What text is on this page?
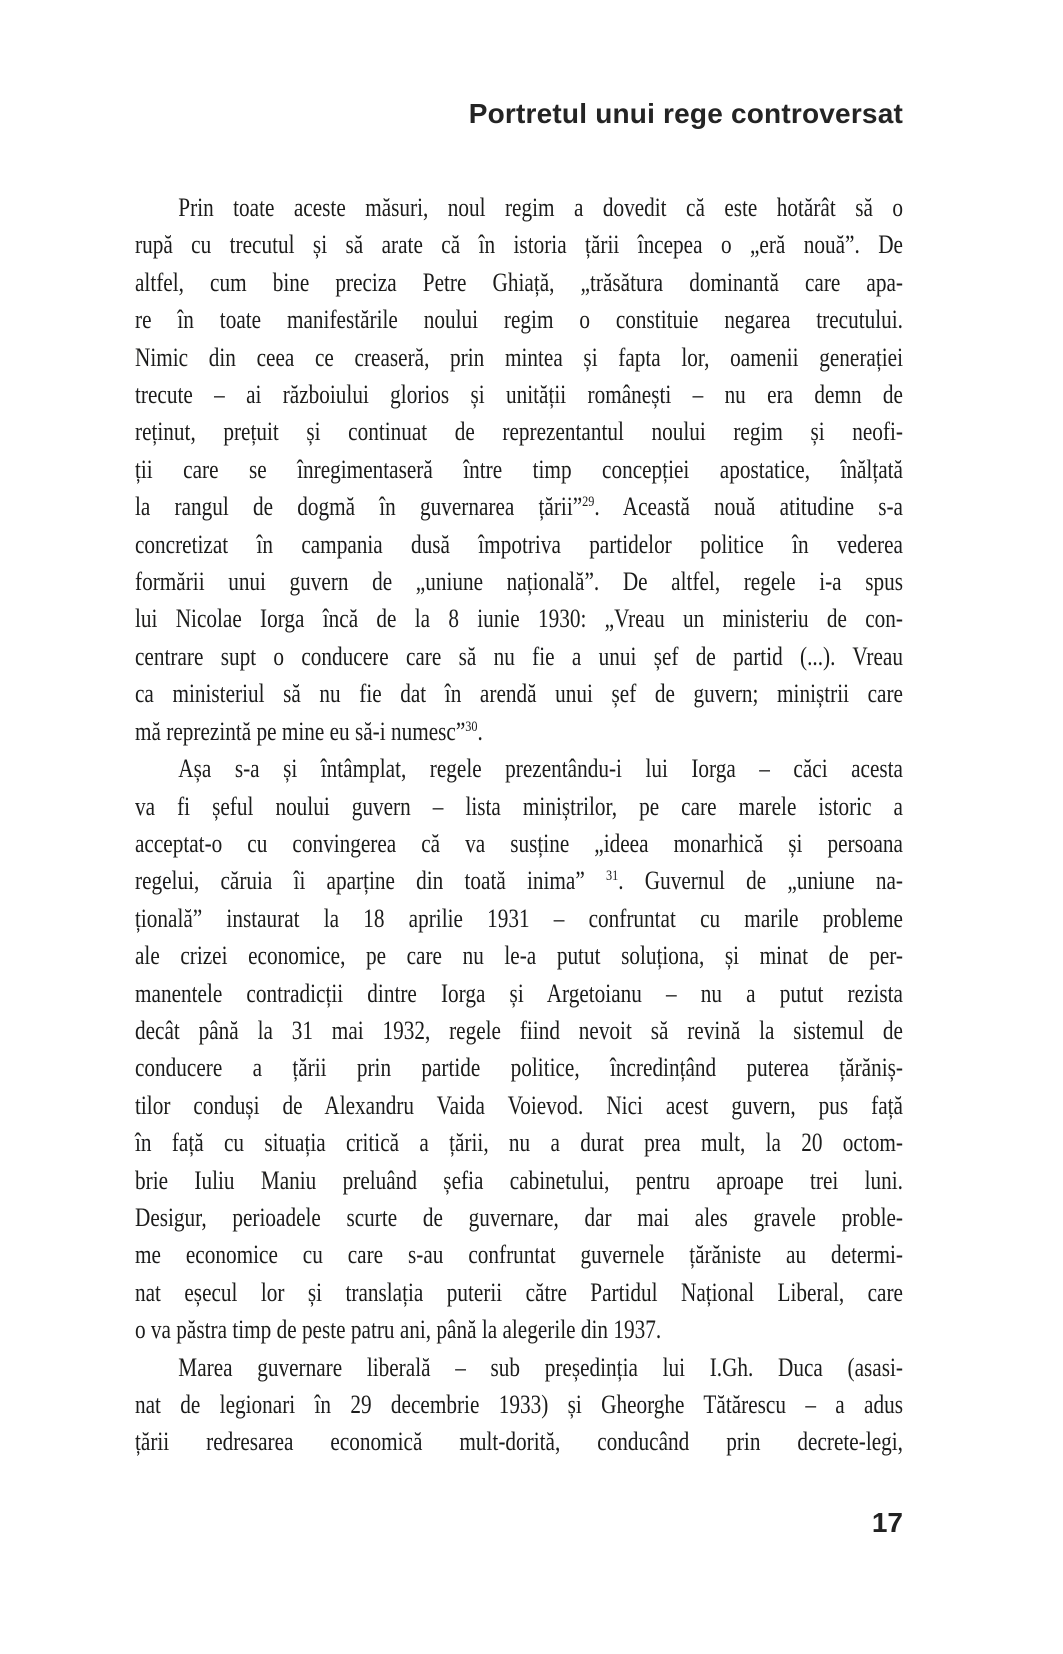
Portretul unui rege controversat
Prin toate aceste măsuri, noul regim a dovedit că este hotărât să o
rupă cu trecutul și să arate că în istoria țării începea o „eră nouă”. De
altfel, cum bine preciza Petre Ghiață, „trăsătura dominantă care apa-
re în toate manifestările noului regim o constituie negarea trecutului.
Nimic din ceea ce creaseră, prin mintea și fapta lor, oamenii generației
trecute – ai războiului glorios și unității românești – nu era demn de
reținut, prețuit și continuat de reprezentantul noului regim și neofi-
ții care se înregimentaseră între timp concepției apostatice, înălțată
la rangul de dogmă în guvernarea țării”$^{29}$. Această nouă atitudine s-a
concretizat în campania dusă împotriva partidelor politice în vederea
formării unui guvern de „uniune națională”. De altfel, regele i-a spus
lui Nicolae Iorga încă de la 8 iunie 1930: „Vreau un ministeriu de con-
centrare supt o conducere care să nu fie a unui șef de partid (...). Vreau
ca ministeriul să nu fie dat în arendă unui șef de guvern; miniștrii care
mă reprezintă pe mine eu să-i numesc”$^{30}$.
Așa s-a și întâmplat, regele prezentându-i lui Iorga – căci acesta
va fi șeful noului guvern – lista miniștrilor, pe care marele istoric a
acceptat-o cu convingerea că va susține „ideea monarhică și persoana
regelui, căruia îi aparține din toată inima” $^{31}$. Guvernul de „uniune na-
țională” instaurat la 18 aprilie 1931 – confruntat cu marile probleme
ale crizei economice, pe care nu le-a putut soluționa, și minat de per-
manentele contradicții dintre Iorga și Argetoianu – nu a putut rezista
decât până la 31 mai 1932, regele fiind nevoit să revină la sistemul de
conducere a țării prin partide politice, încredințând puterea țărăniș-
tilor conduși de Alexandru Vaida Voievod. Nici acest guvern, pus față
în față cu situația critică a țării, nu a durat prea mult, la 20 octom-
brie Iuliu Maniu preluând șefia cabinetului, pentru aproape trei luni.
Desigur, perioadele scurte de guvernare, dar mai ales gravele proble-
me economice cu care s-au confruntat guvernele țărăniste au determi-
nat eșecul lor și translația puterii către Partidul Național Liberal, care
o va păstra timp de peste patru ani, până la alegerile din 1937.
Marea guvernare liberală – sub președinția lui I.Gh. Duca (asasi-
nat de legionari în 29 decembrie 1933) și Gheorghe Tătărescu – a adus
țării redresarea economică mult-dorită, conducând prin decrete-legi,
17
